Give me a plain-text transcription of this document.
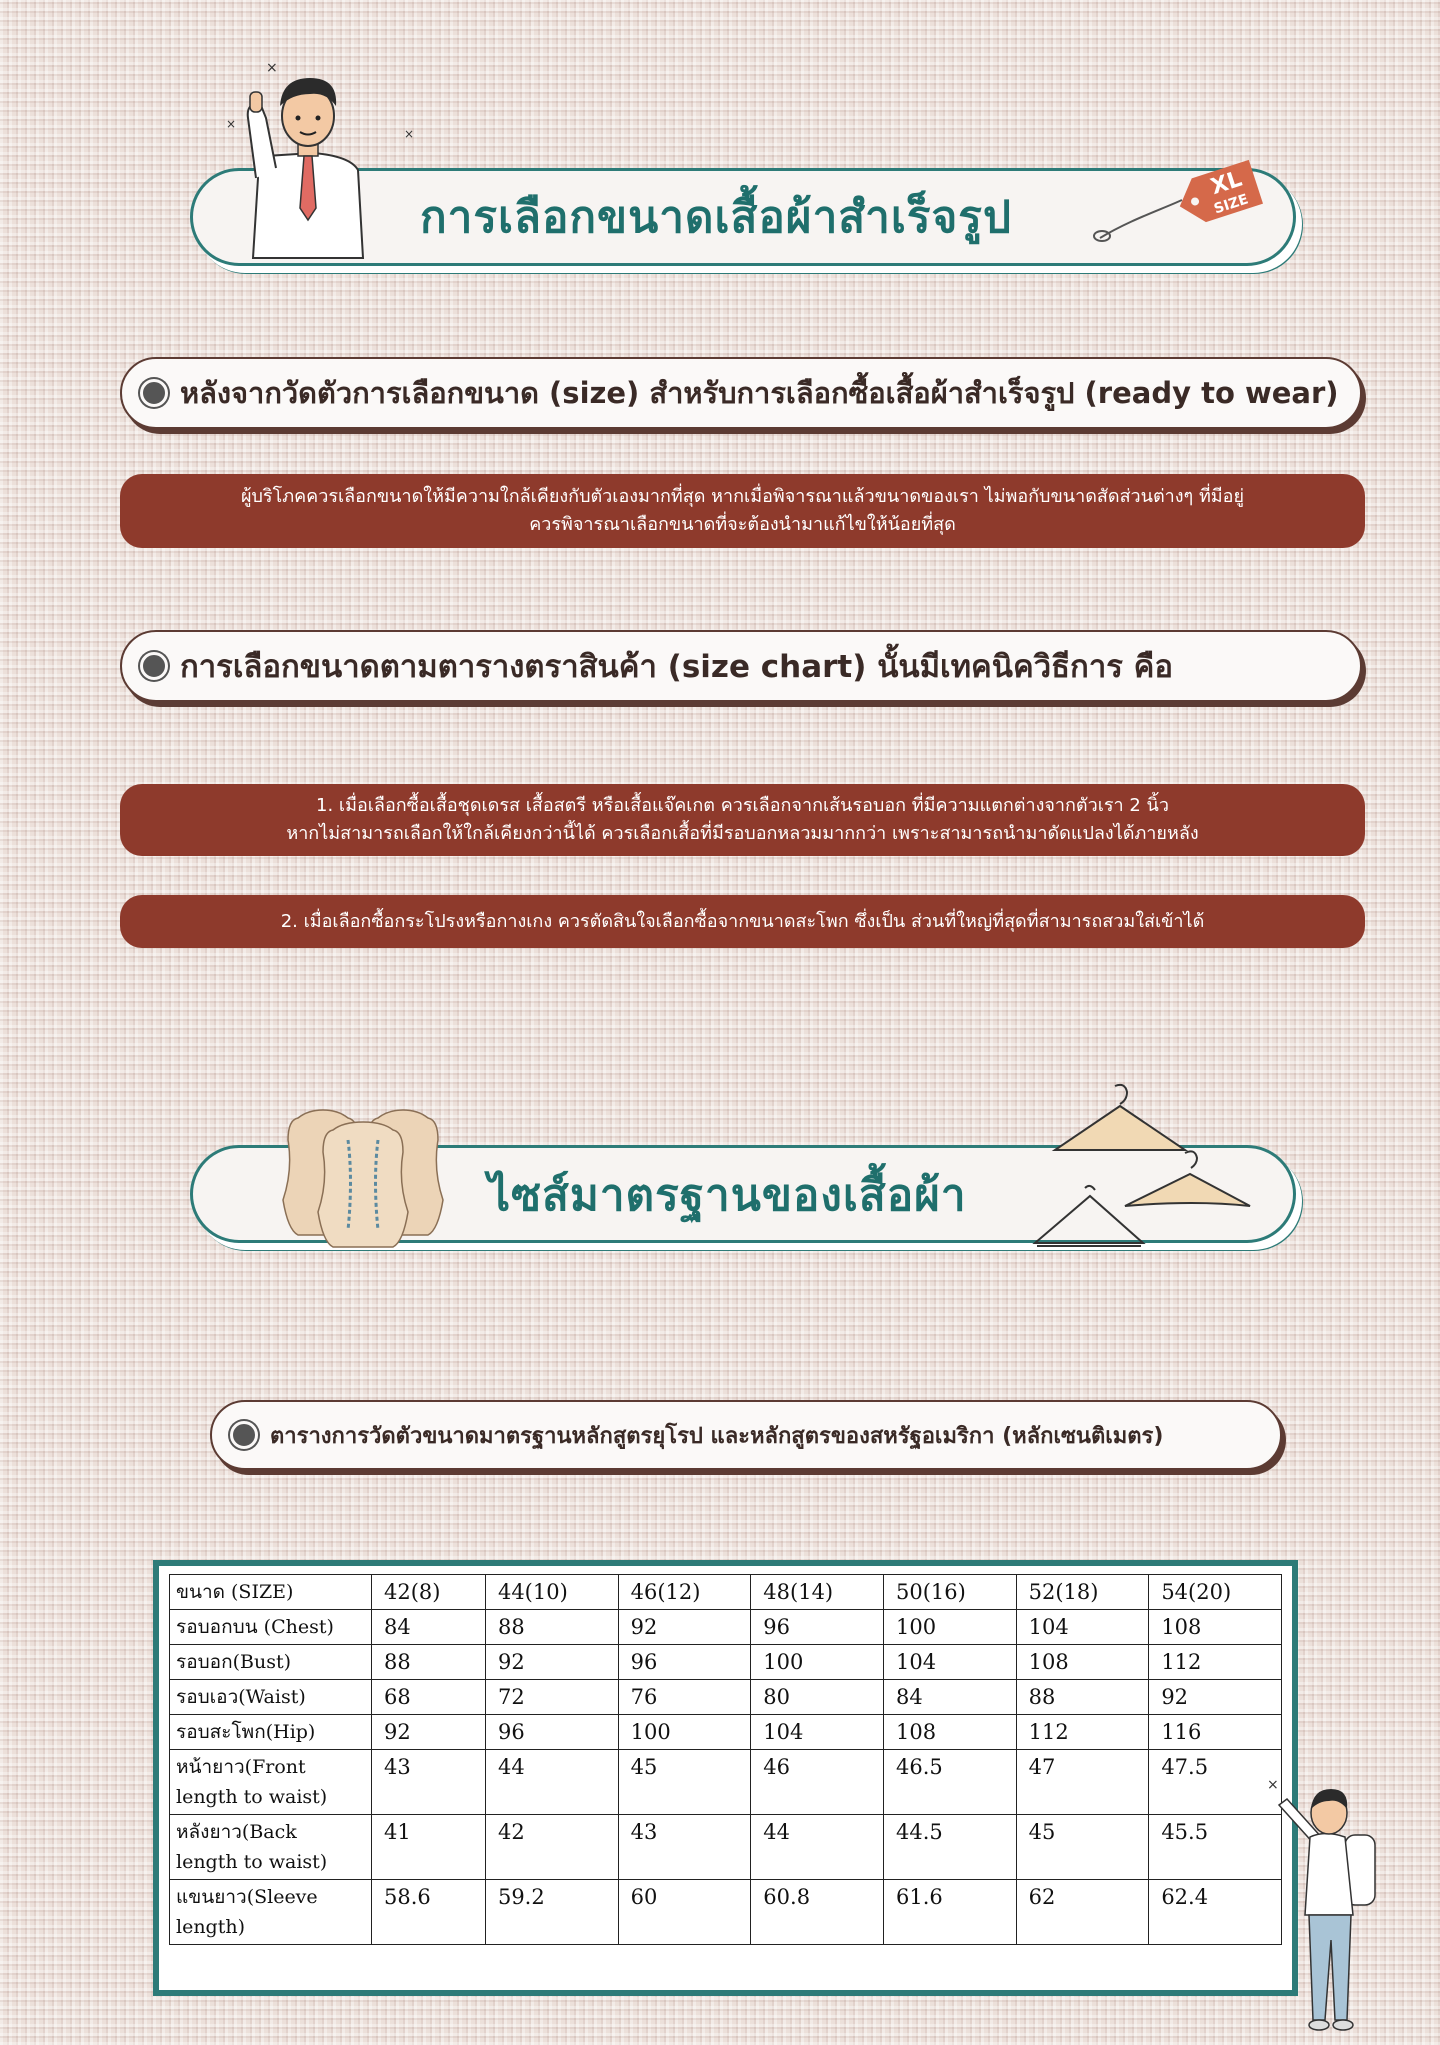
การเลือกขนาดเสื้อผ้าสำเร็จรูป
XL
SIZE
×
×
×
หลังจากวัดตัวการเลือกขนาด (size) สำหรับการเลือกซื้อเสื้อผ้าสำเร็จรูป (ready to wear)
ผู้บริโภคควรเลือกขนาดให้มีความใกล้เคียงกับตัวเองมากที่สุด หากเมื่อพิจารณาแล้วขนาดของเรา ไม่พอกับขนาดสัดส่วนต่างๆ ที่มีอยู่
ควรพิจารณาเลือกขนาดที่จะต้องนำมาแก้ไขให้น้อยที่สุด
การเลือกขนาดตามตารางตราสินค้า (size chart) นั้นมีเทคนิควิธีการ คือ
1. เมื่อเลือกซื้อเสื้อชุดเดรส เสื้อสตรี หรือเสื้อแจ๊คเกต ควรเลือกจากเส้นรอบอก ที่มีความแตกต่างจากตัวเรา 2 นิ้ว
หากไม่สามารถเลือกให้ใกล้เคียงกว่านี้ได้ ควรเลือกเสื้อที่มีรอบอกหลวมมากกว่า เพราะสามารถนำมาดัดแปลงได้ภายหลัง
2. เมื่อเลือกซื้อกระโปรงหรือกางเกง ควรตัดสินใจเลือกซื้อจากขนาดสะโพก ซึ่งเป็น ส่วนที่ใหญ่ที่สุดที่สามารถสวมใส่เข้าได้
ไซส์มาตรฐานของเสื้อผ้า
ตารางการวัดตัวขนาดมาตรฐานหลักสูตรยุโรป และหลักสูตรของสหรัฐอเมริกา (หลักเซนติเมตร)
ขนาด (SIZE)	42(8)	44(10)	46(12)	48(14)	50(16)	52(18)	54(20)
รอบอกบน (Chest)	84	88	92	96	100	104	108
รอบอก(Bust)	88	92	96	100	104	108	112
รอบเอว(Waist)	68	72	76	80	84	88	92
รอบสะโพก(Hip)	92	96	100	104	108	112	116
หน้ายาว(Front length to waist)	43	44	45	46	46.5	47	47.5
หลังยาว(Back length to waist)	41	42	43	44	44.5	45	45.5
แขนยาว(Sleeve length)	58.6	59.2	60	60.8	61.6	62	62.4
×
